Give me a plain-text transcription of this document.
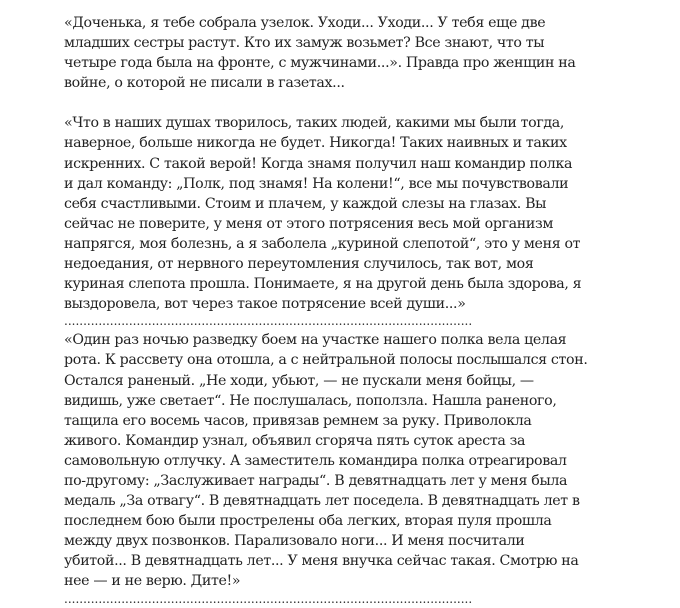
«Доченька, я тебе собрала узелок. Уходи... Уходи... У тебя еще две
младших сестры растут. Кто их замуж возьмет? Все знают, что ты
четыре года была на фронте, с мужчинами...». Правда про женщин на
войне, о которой не писали в газетах...
«Что в наших душах творилось, таких людей, какими мы были тогда,
наверное, больше никогда не будет. Никогда! Таких наивных и таких
искренних. С такой верой! Когда знамя получил наш командир полка
и дал команду: „Полк, под знамя! На колени!“, все мы почувствовали
себя счастливыми. Стоим и плачем, у каждой слезы на глазах. Вы
сейчас не поверите, у меня от этого потрясения весь мой организм
напрягся, моя болезнь, а я заболела „куриной слепотой“, это у меня от
недоедания, от нервного переутомления случилось, так вот, моя
куриная слепота прошла. Понимаете, я на другой день была здорова, я
выздоровела, вот через такое потрясение всей души...»
...........................................................................................................
«Один раз ночью разведку боем на участке нашего полка вела целая
рота. К рассвету она отошла, а с нейтральной полосы послышался стон.
Остался раненый. „Не ходи, убьют, — не пускали меня бойцы, —
видишь, уже светает“. Не послушалась, поползла. Нашла раненого,
тащила его восемь часов, привязав ремнем за руку. Приволокла
живого. Командир узнал, объявил сгоряча пять суток ареста за
самовольную отлучку. А заместитель командира полка отреагировал
по-другому: „Заслуживает награды“. В девятнадцать лет у меня была
медаль „За отвагу“. В девятнадцать лет поседела. В девятнадцать лет в
последнем бою были прострелены оба легких, вторая пуля прошла
между двух позвонков. Парализовало ноги... И меня посчитали
убитой... В девятнадцать лет... У меня внучка сейчас такая. Смотрю на
нее — и не верю. Дите!»
...........................................................................................................
